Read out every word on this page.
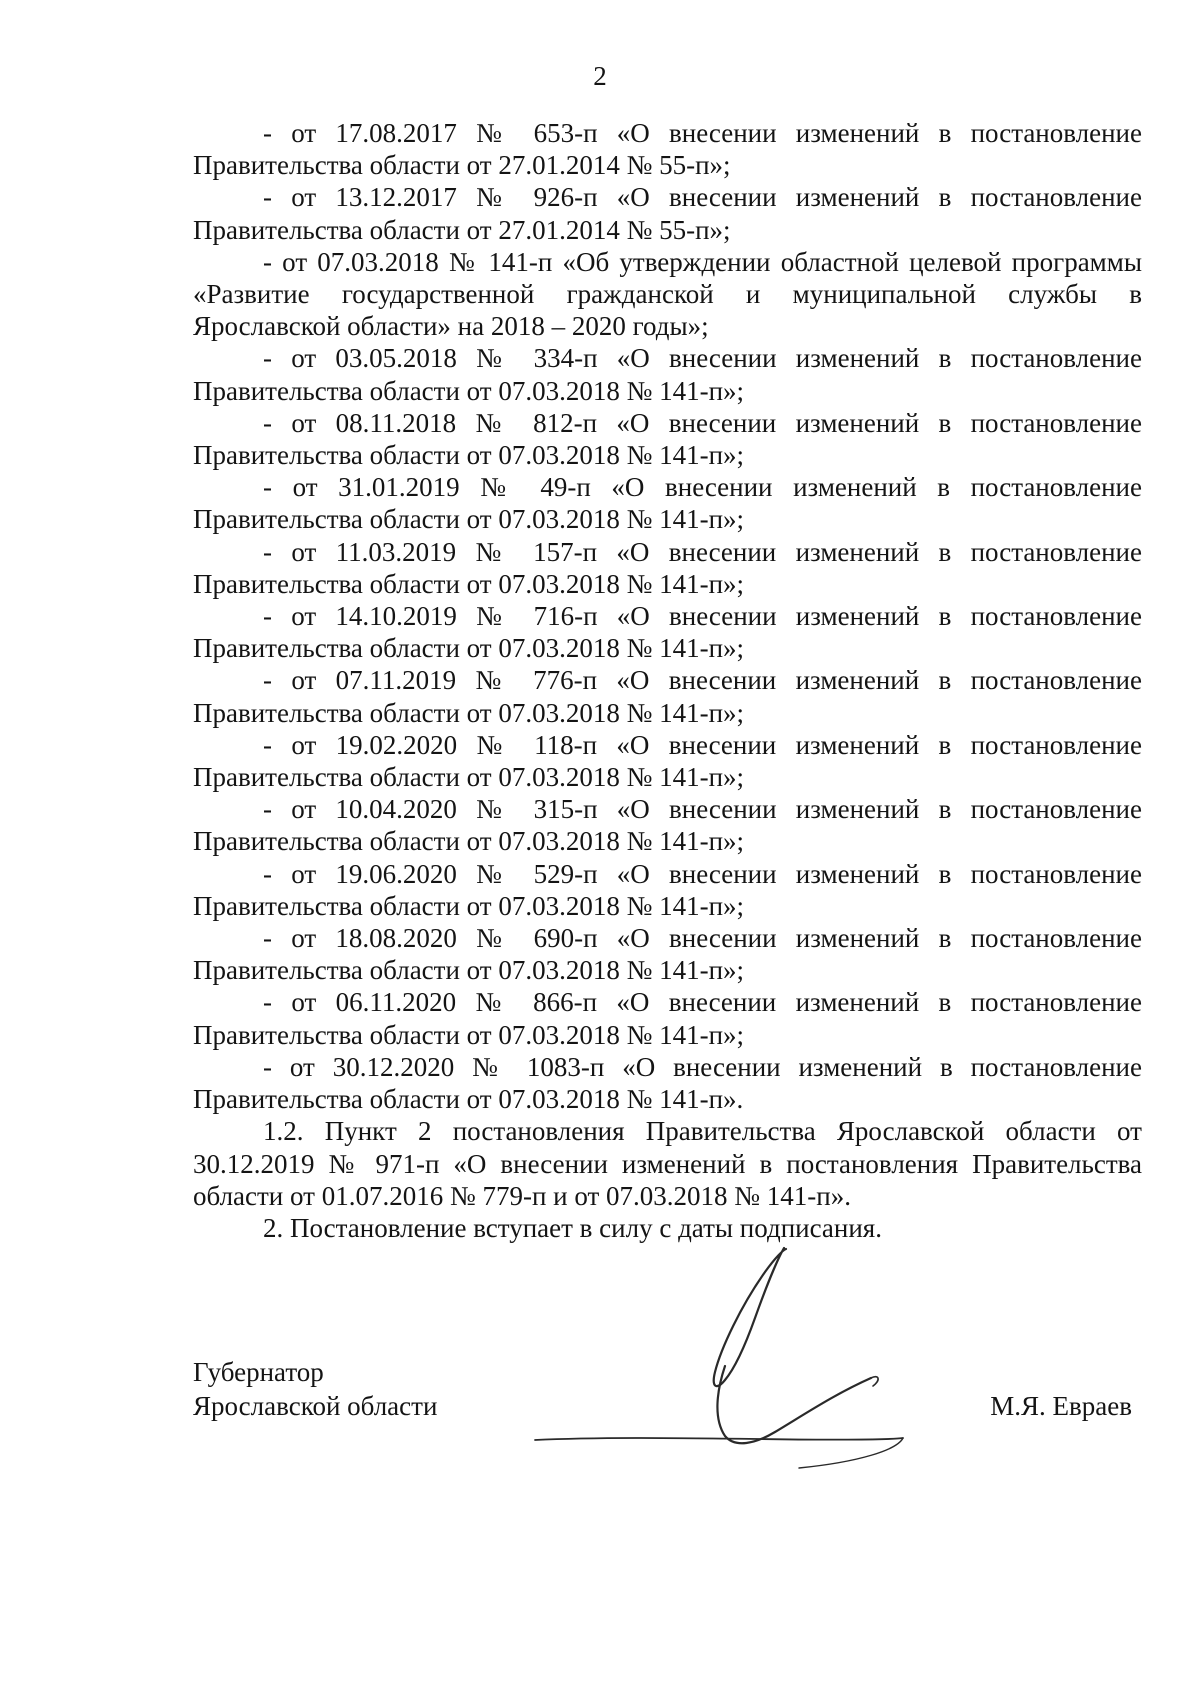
2

- от 17.08.2017 № 653-п «О внесении изменений в постановление Правительства области от 27.01.2014 № 55-п»;

- от 13.12.2017 № 926-п «О внесении изменений в постановление Правительства области от 27.01.2014 № 55-п»;

- от 07.03.2018 № 141-п «Об утверждении областной целевой программы «Развитие государственной гражданской и муниципальной службы в Ярославской области» на 2018 – 2020 годы»;

- от 03.05.2018 № 334-п «О внесении изменений в постановление Правительства области от 07.03.2018 № 141-п»;

- от 08.11.2018 № 812-п «О внесении изменений в постановление Правительства области от 07.03.2018 № 141-п»;

- от 31.01.2019 № 49-п «О внесении изменений в постановление Правительства области от 07.03.2018 № 141-п»;

- от 11.03.2019 № 157-п «О внесении изменений в постановление Правительства области от 07.03.2018 № 141-п»;

- от 14.10.2019 № 716-п «О внесении изменений в постановление Правительства области от 07.03.2018 № 141-п»;

- от 07.11.2019 № 776-п «О внесении изменений в постановление Правительства области от 07.03.2018 № 141-п»;

- от 19.02.2020 № 118-п «О внесении изменений в постановление Правительства области от 07.03.2018 № 141-п»;

- от 10.04.2020 № 315-п «О внесении изменений в постановление Правительства области от 07.03.2018 № 141-п»;

- от 19.06.2020 № 529-п «О внесении изменений в постановление Правительства области от 07.03.2018 № 141-п»;

- от 18.08.2020 № 690-п «О внесении изменений в постановление Правительства области от 07.03.2018 № 141-п»;

- от 06.11.2020 № 866-п «О внесении изменений в постановление Правительства области от 07.03.2018 № 141-п»;

- от 30.12.2020 № 1083-п «О внесении изменений в постановление Правительства области от 07.03.2018 № 141-п».

1.2. Пункт 2 постановления Правительства Ярославской области от 30.12.2019 № 971-п «О внесении изменений в постановления Правительства области от 01.07.2016 № 779-п и от 07.03.2018 № 141-п».

2. Постановление вступает в силу с даты подписания.

Губернатор
Ярославской области	М.Я. Евраев
